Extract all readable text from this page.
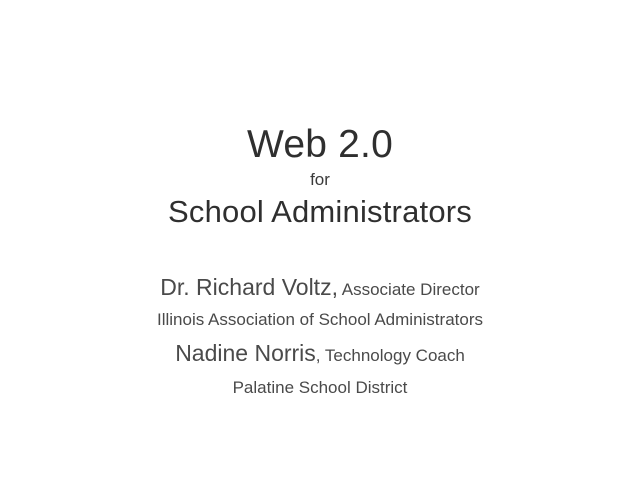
Web 2.0
for
School Administrators
Dr. Richard Voltz, Associate Director
Illinois Association of School Administrators
Nadine Norris, Technology Coach
Palatine School District
